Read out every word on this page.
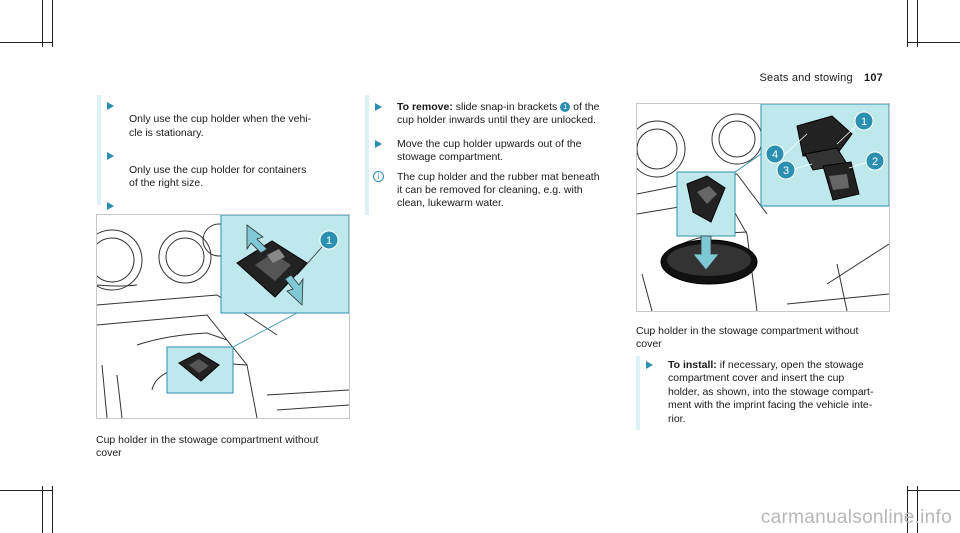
Seats and stowing 107

Only use the cup holder when the vehi-
cle is stationary.

Only use the cup holder for containers
of the right size.

1
Cup holder in the stowage compartment without
cover
To remove: slide snap-in brackets 1 of the
cup holder inwards until they are unlocked.
Move the cup holder upwards out of the
stowage compartment.
i	The cup holder and the rubber mat beneath
it can be removed for cleaning, e.g. with
clean, lukewarm water.
4
1
3
2
Cup holder in the stowage compartment without
cover
To install: if necessary, open the stowage
compartment cover and insert the cup
holder, as shown, into the stowage compart-
ment with the imprint facing the vehicle inte-
rior.
carmanualsonline.info
